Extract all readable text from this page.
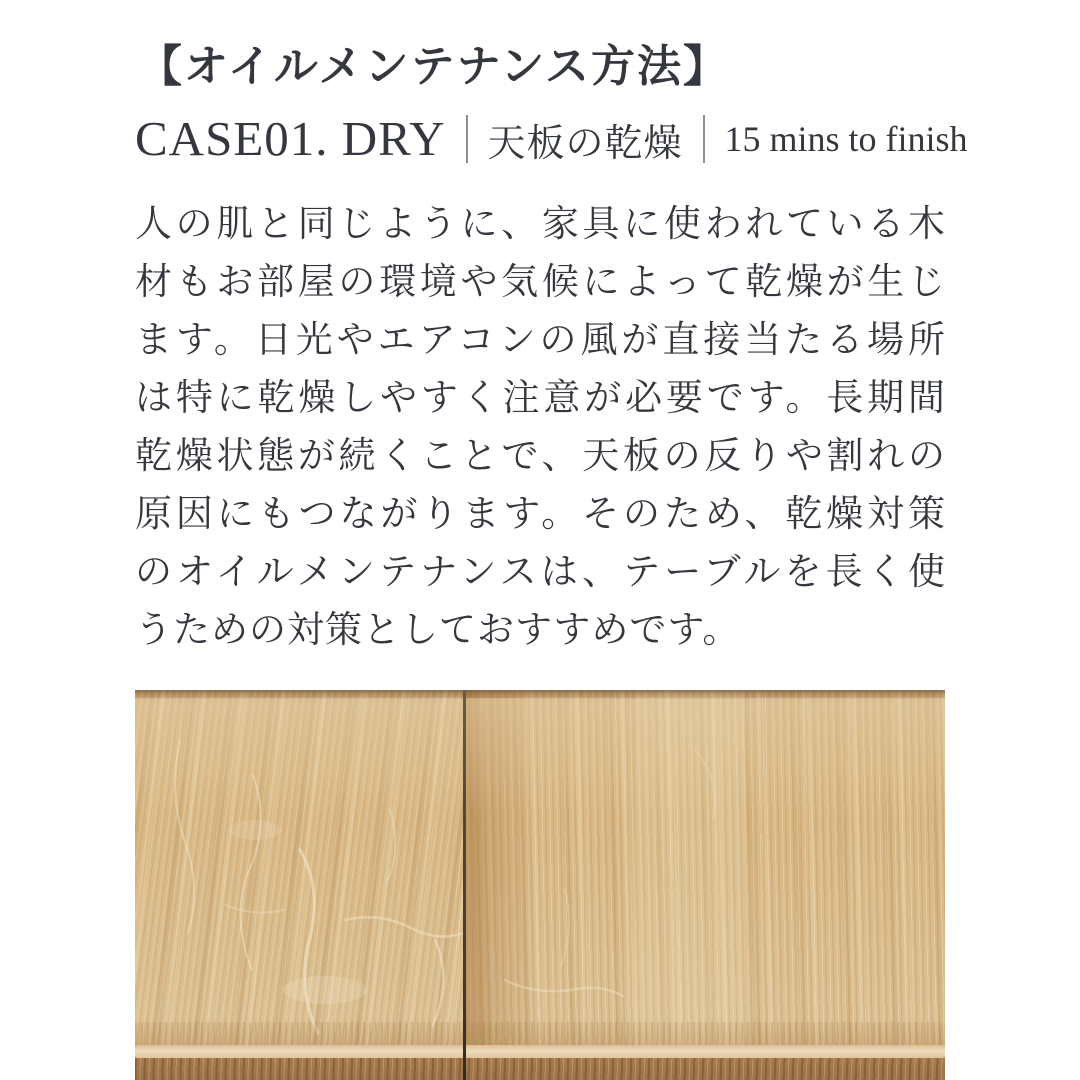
【オイルメンテナンス方法】
CASE01. DRY 天板の乾燥 15 mins to finish
人の肌と同じように、家具に使われている木
材もお部屋の環境や気候によって乾燥が生じ
ます。日光やエアコンの風が直接当たる場所
は特に乾燥しやすく注意が必要です。長期間
乾燥状態が続くことで、天板の反りや割れの
原因にもつながります。そのため、乾燥対策
のオイルメンテナンスは、テーブルを長く使
うための対策としておすすめです。
